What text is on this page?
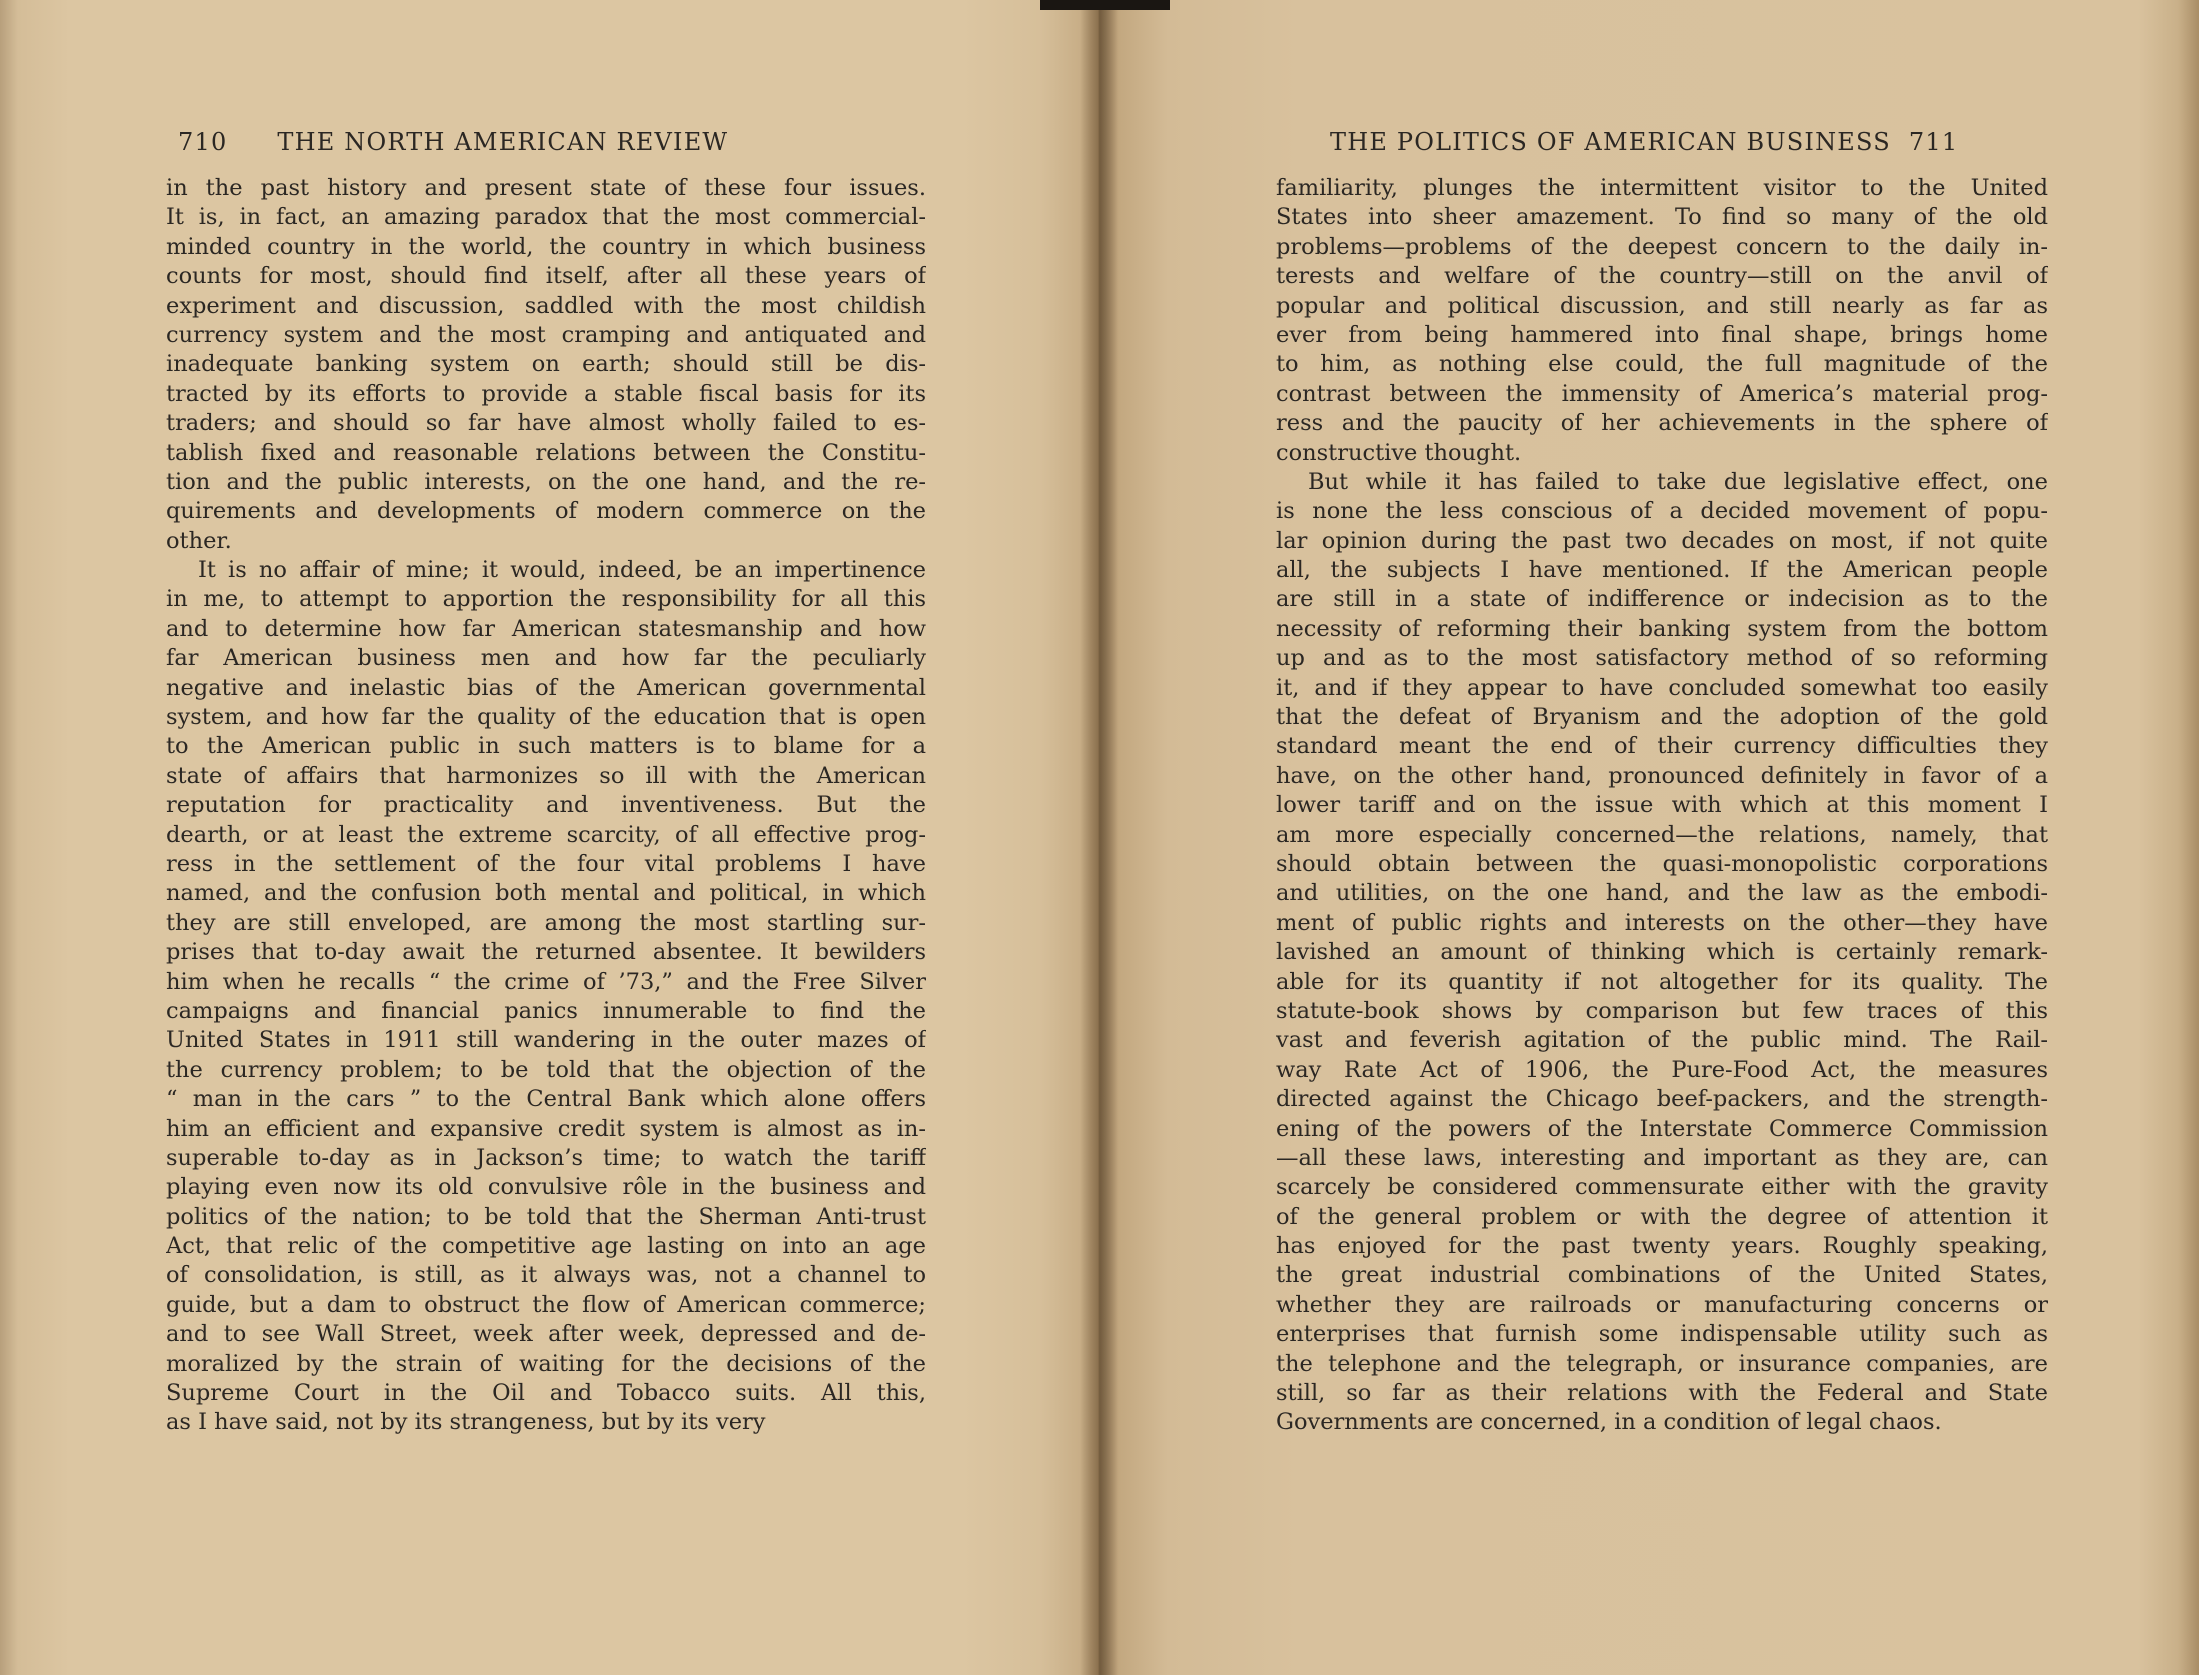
710 THE NORTH AMERICAN REVIEW
in the past history and present state of these four issues.
It is, in fact, an amazing paradox that the most commercial-
minded country in the world, the country in which business
counts for most, should find itself, after all these years of
experiment and discussion, saddled with the most childish
currency system and the most cramping and antiquated and
inadequate banking system on earth; should still be dis-
tracted by its efforts to provide a stable fiscal basis for its
traders; and should so far have almost wholly failed to es-
tablish fixed and reasonable relations between the Constitu-
tion and the public interests, on the one hand, and the re-
quirements and developments of modern commerce on the
other.
It is no affair of mine; it would, indeed, be an impertinence
in me, to attempt to apportion the responsibility for all this
and to determine how far American statesmanship and how
far American business men and how far the peculiarly
negative and inelastic bias of the American governmental
system, and how far the quality of the education that is open
to the American public in such matters is to blame for a
state of affairs that harmonizes so ill with the American
reputation for practicality and inventiveness. But the
dearth, or at least the extreme scarcity, of all effective prog-
ress in the settlement of the four vital problems I have
named, and the confusion both mental and political, in which
they are still enveloped, are among the most startling sur-
prises that to-day await the returned absentee. It bewilders
him when he recalls “ the crime of ’73,” and the Free Silver
campaigns and financial panics innumerable to find the
United States in 1911 still wandering in the outer mazes of
the currency problem; to be told that the objection of the
“ man in the cars ” to the Central Bank which alone offers
him an efficient and expansive credit system is almost as in-
superable to-day as in Jackson’s time; to watch the tariff
playing even now its old convulsive rôle in the business and
politics of the nation; to be told that the Sherman Anti-trust
Act, that relic of the competitive age lasting on into an age
of consolidation, is still, as it always was, not a channel to
guide, but a dam to obstruct the flow of American commerce;
and to see Wall Street, week after week, depressed and de-
moralized by the strain of waiting for the decisions of the
Supreme Court in the Oil and Tobacco suits. All this,
as I have said, not by its strangeness, but by its very
THE POLITICS OF AMERICAN BUSINESS 711
familiarity, plunges the intermittent visitor to the United
States into sheer amazement. To find so many of the old
problems—problems of the deepest concern to the daily in-
terests and welfare of the country—still on the anvil of
popular and political discussion, and still nearly as far as
ever from being hammered into final shape, brings home
to him, as nothing else could, the full magnitude of the
contrast between the immensity of America’s material prog-
ress and the paucity of her achievements in the sphere of
constructive thought.
But while it has failed to take due legislative effect, one
is none the less conscious of a decided movement of popu-
lar opinion during the past two decades on most, if not quite
all, the subjects I have mentioned. If the American people
are still in a state of indifference or indecision as to the
necessity of reforming their banking system from the bottom
up and as to the most satisfactory method of so reforming
it, and if they appear to have concluded somewhat too easily
that the defeat of Bryanism and the adoption of the gold
standard meant the end of their currency difficulties they
have, on the other hand, pronounced definitely in favor of a
lower tariff and on the issue with which at this moment I
am more especially concerned—the relations, namely, that
should obtain between the quasi-monopolistic corporations
and utilities, on the one hand, and the law as the embodi-
ment of public rights and interests on the other—they have
lavished an amount of thinking which is certainly remark-
able for its quantity if not altogether for its quality. The
statute-book shows by comparison but few traces of this
vast and feverish agitation of the public mind. The Rail-
way Rate Act of 1906, the Pure-Food Act, the measures
directed against the Chicago beef-packers, and the strength-
ening of the powers of the Interstate Commerce Commission
—all these laws, interesting and important as they are, can
scarcely be considered commensurate either with the gravity
of the general problem or with the degree of attention it
has enjoyed for the past twenty years. Roughly speaking,
the great industrial combinations of the United States,
whether they are railroads or manufacturing concerns or
enterprises that furnish some indispensable utility such as
the telephone and the telegraph, or insurance companies, are
still, so far as their relations with the Federal and State
Governments are concerned, in a condition of legal chaos.
